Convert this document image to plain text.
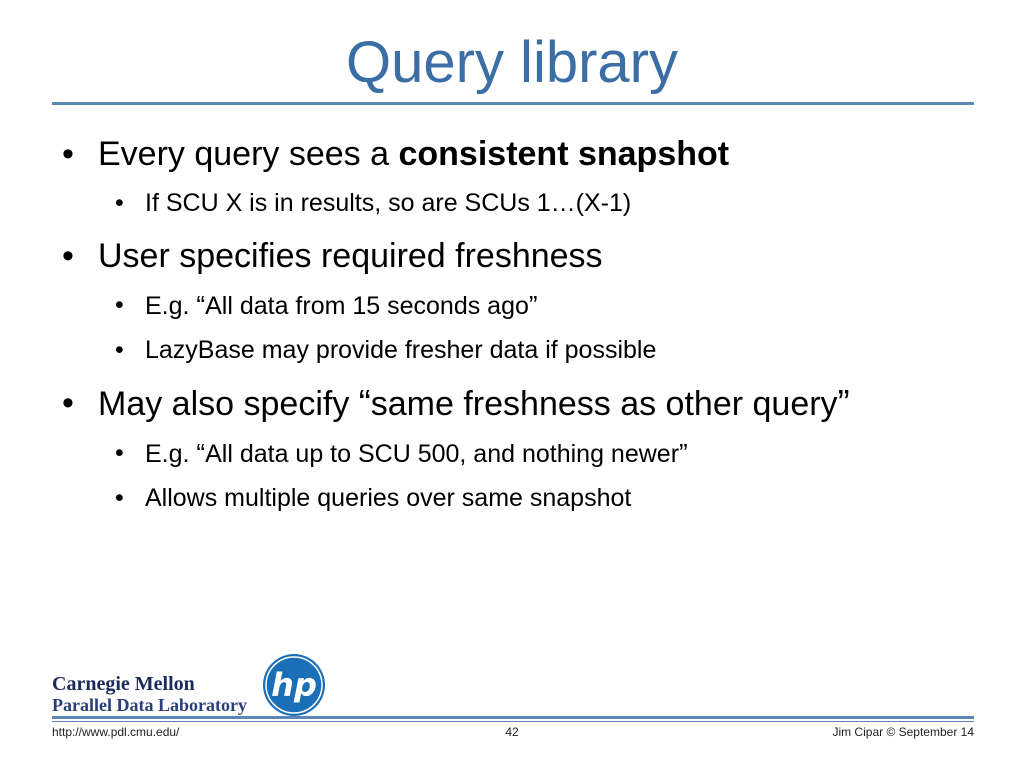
Query library
• Every query sees a consistent snapshot
• If SCU X is in results, so are SCUs 1…(X-1)
• User specifies required freshness
• E.g. “All data from 15 seconds ago”
• LazyBase may provide fresher data if possible
• May also specify “same freshness as other query”
• E.g. “All data up to SCU 500, and nothing newer”
• Allows multiple queries over same snapshot
Carnegie Mellon
Parallel Data Laboratory
hp
http://www.pdl.cmu.edu/	42	Jim Cipar © September 14
